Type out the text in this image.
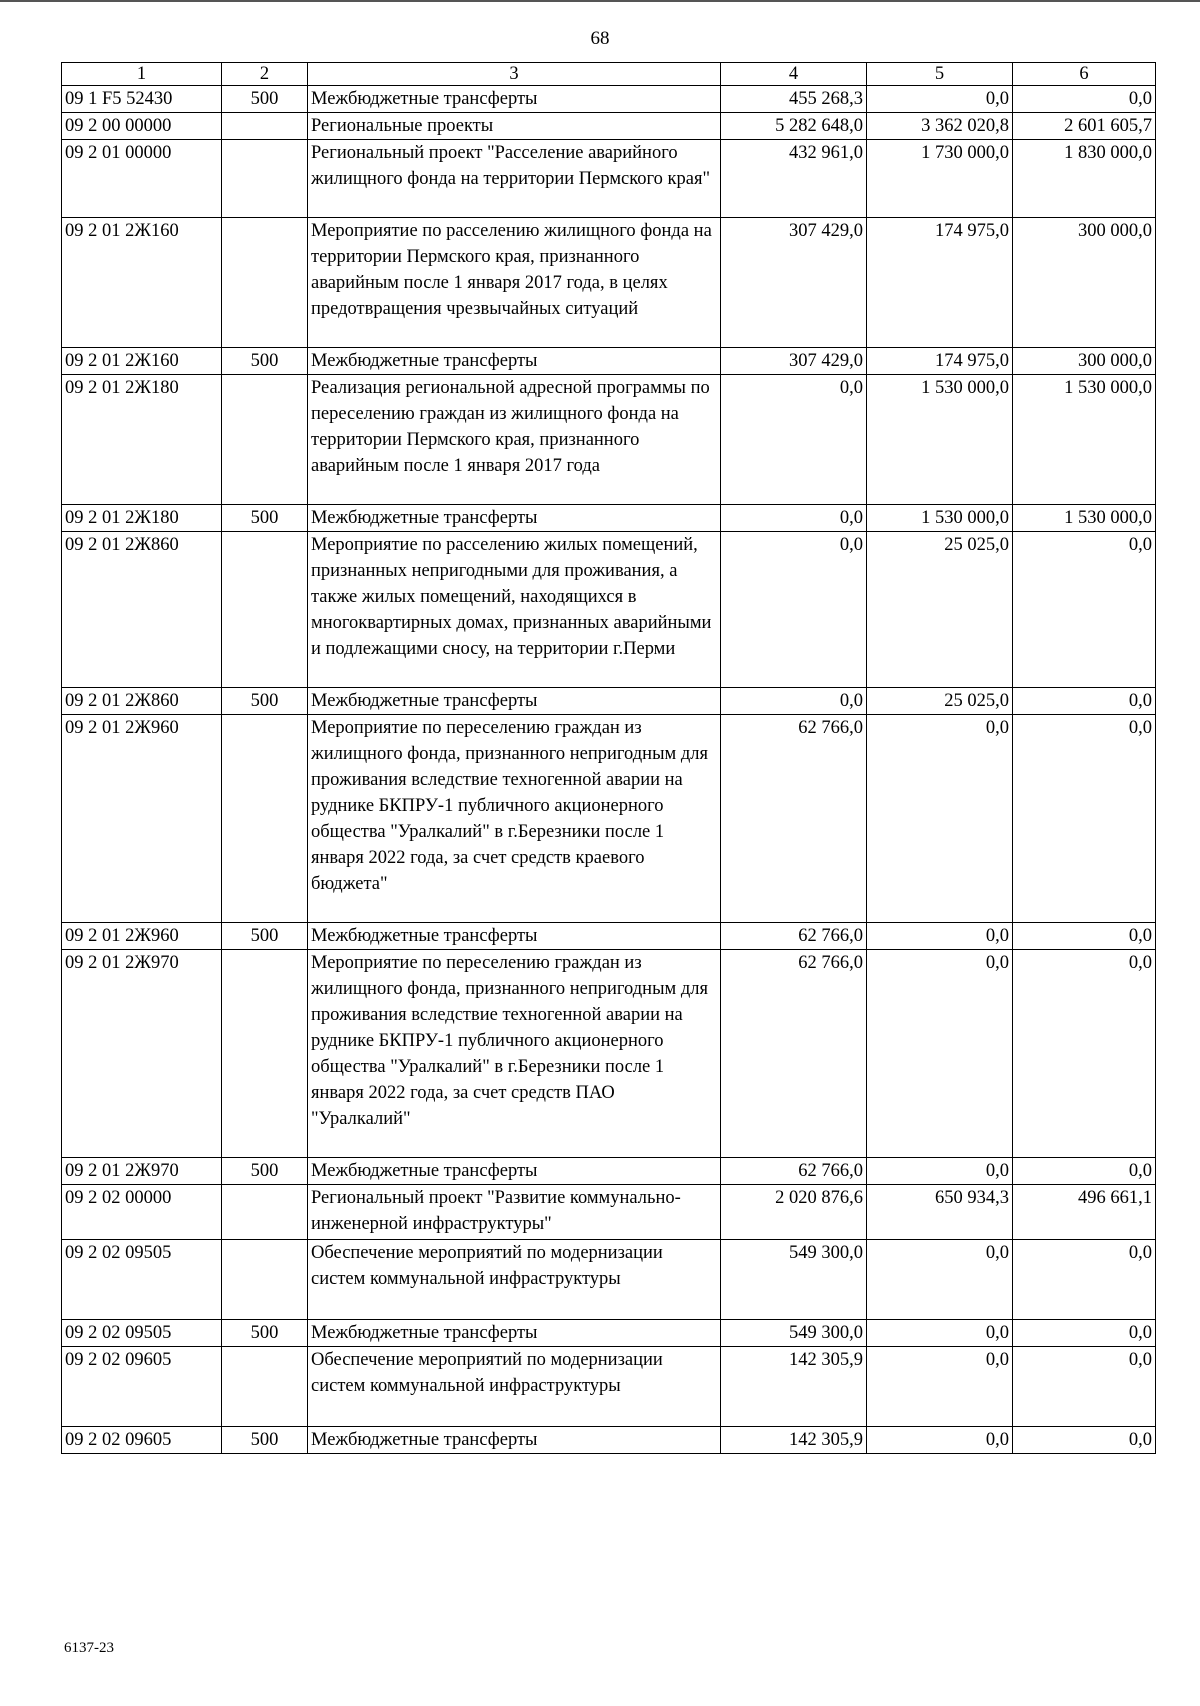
68
1	2	3	4	5	6
09 1 F5 52430	500	Межбюджетные трансферты	455 268,3	0,0	0,0
09 2 00 00000		Региональные проекты	5 282 648,0	3 362 020,8	2 601 605,7
09 2 01 00000		Региональный проект "Расселение аварийного жилищного фонда на территории Пермского края"	432 961,0	1 730 000,0	1 830 000,0
09 2 01 2Ж160		Мероприятие по расселению жилищного фонда на территории Пермского края, признанного аварийным после 1 января 2017 года, в целях предотвращения чрезвычайных ситуаций	307 429,0	174 975,0	300 000,0
09 2 01 2Ж160	500	Межбюджетные трансферты	307 429,0	174 975,0	300 000,0
09 2 01 2Ж180		Реализация региональной адресной программы по переселению граждан из жилищного фонда на территории Пермского края, признанного аварийным после 1 января 2017 года	0,0	1 530 000,0	1 530 000,0
09 2 01 2Ж180	500	Межбюджетные трансферты	0,0	1 530 000,0	1 530 000,0
09 2 01 2Ж860		Мероприятие по расселению жилых помещений, признанных непригодными для проживания, а также жилых помещений, находящихся в многоквартирных домах, признанных аварийными и подлежащими сносу, на территории г.Перми	0,0	25 025,0	0,0
09 2 01 2Ж860	500	Межбюджетные трансферты	0,0	25 025,0	0,0
09 2 01 2Ж960		Мероприятие по переселению граждан из жилищного фонда, признанного непригодным для проживания вследствие техногенной аварии на руднике БКПРУ-1 публичного акционерного общества "Уралкалий" в г.Березники после 1 января 2022 года, за счет средств краевого бюджета"	62 766,0	0,0	0,0
09 2 01 2Ж960	500	Межбюджетные трансферты	62 766,0	0,0	0,0
09 2 01 2Ж970		Мероприятие по переселению граждан из жилищного фонда, признанного непригодным для проживания вследствие техногенной аварии на руднике БКПРУ-1 публичного акционерного общества "Уралкалий" в г.Березники после 1 января 2022 года, за счет средств ПАО "Уралкалий"	62 766,0	0,0	0,0
09 2 01 2Ж970	500	Межбюджетные трансферты	62 766,0	0,0	0,0
09 2 02 00000		Региональный проект "Развитие коммунально-инженерной инфраструктуры"	2 020 876,6	650 934,3	496 661,1
09 2 02 09505		Обеспечение мероприятий по модернизации систем коммунальной инфраструктуры	549 300,0	0,0	0,0
09 2 02 09505	500	Межбюджетные трансферты	549 300,0	0,0	0,0
09 2 02 09605		Обеспечение мероприятий по модернизации систем коммунальной инфраструктуры	142 305,9	0,0	0,0
09 2 02 09605	500	Межбюджетные трансферты	142 305,9	0,0	0,0
6137-23
